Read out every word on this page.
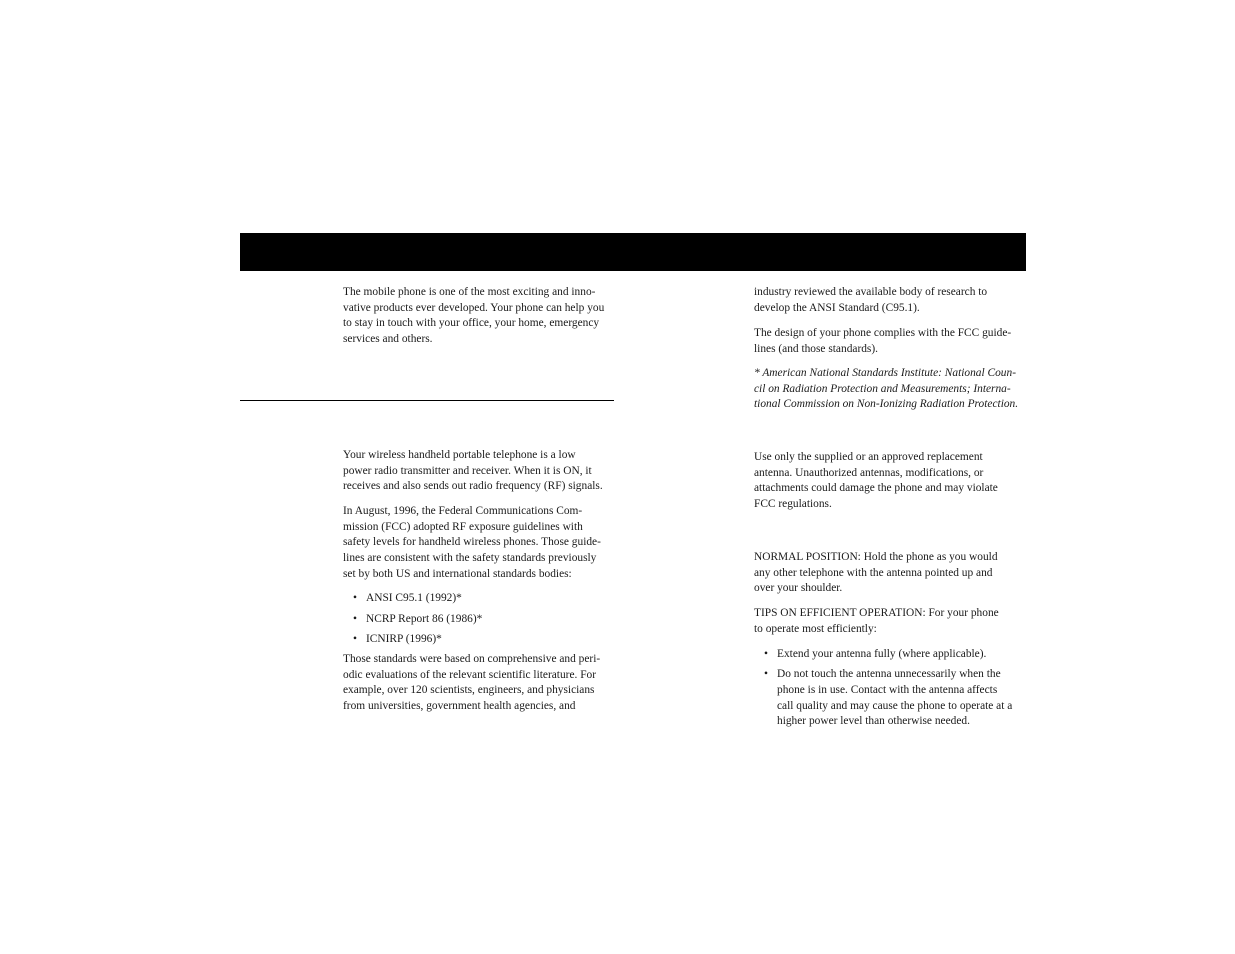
The mobile phone is one of the most exciting and inno-

vative products ever developed. Your phone can help you

to stay in touch with your office, your home, emergency

services and others.

Your wireless handheld portable telephone is a low

power radio transmitter and receiver. When it is ON, it

receives and also sends out radio frequency (RF) signals.

In August, 1996, the Federal Communications Com-

mission (FCC) adopted RF exposure guidelines with

safety levels for handheld wireless phones. Those guide-

lines are consistent with the safety standards previously

set by both US and international standards bodies:

• ANSI C95.1 (1992)*
• NCRP Report 86 (1986)*
• ICNIRP (1996)*

Those standards were based on comprehensive and peri-

odic evaluations of the relevant scientific literature. For

example, over 120 scientists, engineers, and physicians

from universities, government health agencies, and

industry reviewed the available body of research to

develop the ANSI Standard (C95.1).

The design of your phone complies with the FCC guide-

lines (and those standards).

* American National Standards Institute: National Coun-

cil on Radiation Protection and Measurements; Interna-

tional Commission on Non-Ionizing Radiation Protection.

Use only the supplied or an approved replacement

antenna. Unauthorized antennas, modifications, or

attachments could damage the phone and may violate

FCC regulations.

NORMAL POSITION: Hold the phone as you would

any other telephone with the antenna pointed up and

over your shoulder.

TIPS ON EFFICIENT OPERATION: For your phone

to operate most efficiently:

• Extend your antenna fully (where applicable).

• Do not touch the antenna unnecessarily when the

phone is in use. Contact with the antenna affects

call quality and may cause the phone to operate at a

higher power level than otherwise needed.
